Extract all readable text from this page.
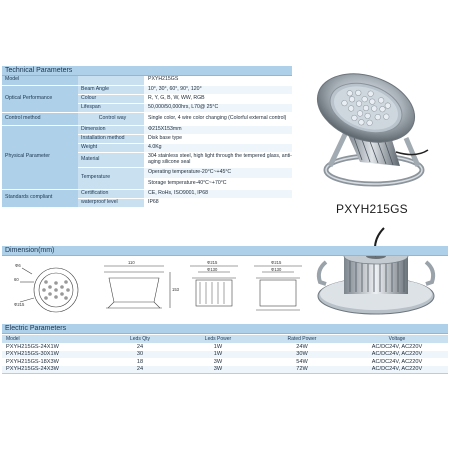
Technical Parameters
Model		PXYH215GS
Optical Performance	Beam Angle	10°, 30°, 60°, 90°, 120°
	Colour	R, Y, G, B, W, WW, RGB
	Lifespan	50,000/50,000hrs, L70@ 25°C
Control method	Control way	Single color, 4 wire color changing (Colorful external control)
Physical Parameter	Dimension	Φ215X153mm
	Installation method	Disk base type
	Weight	4.0Kg
	Material	304 stainless steel, high light through the tempered glass, anti-aging silicone seal
	Temperature	Operating temperature-20°C~+45°C
		Storage temperature-40°C~+70°C
Standards compliant	Certification	CE, RoHs, ISO9001, IP68
	waterproof level	IP68
PXYH215GS
Dimension(mm)
Φ6
60
Φ215
110
153
Φ215
Φ130
Φ215
Φ130
Electric Parameters
Model	Leds Qty	Leds Power	Rated Power	Voltage
PXYH215GS-24X1W	24	1W	24W	AC/DC24V, AC220V
PXYH215GS-30X1W	30	1W	30W	AC/DC24V, AC220V
PXYH215GS-18X3W	18	3W	54W	AC/DC24V, AC220V
PXYH215GS-24X3W	24	3W	72W	AC/DC24V, AC220V
